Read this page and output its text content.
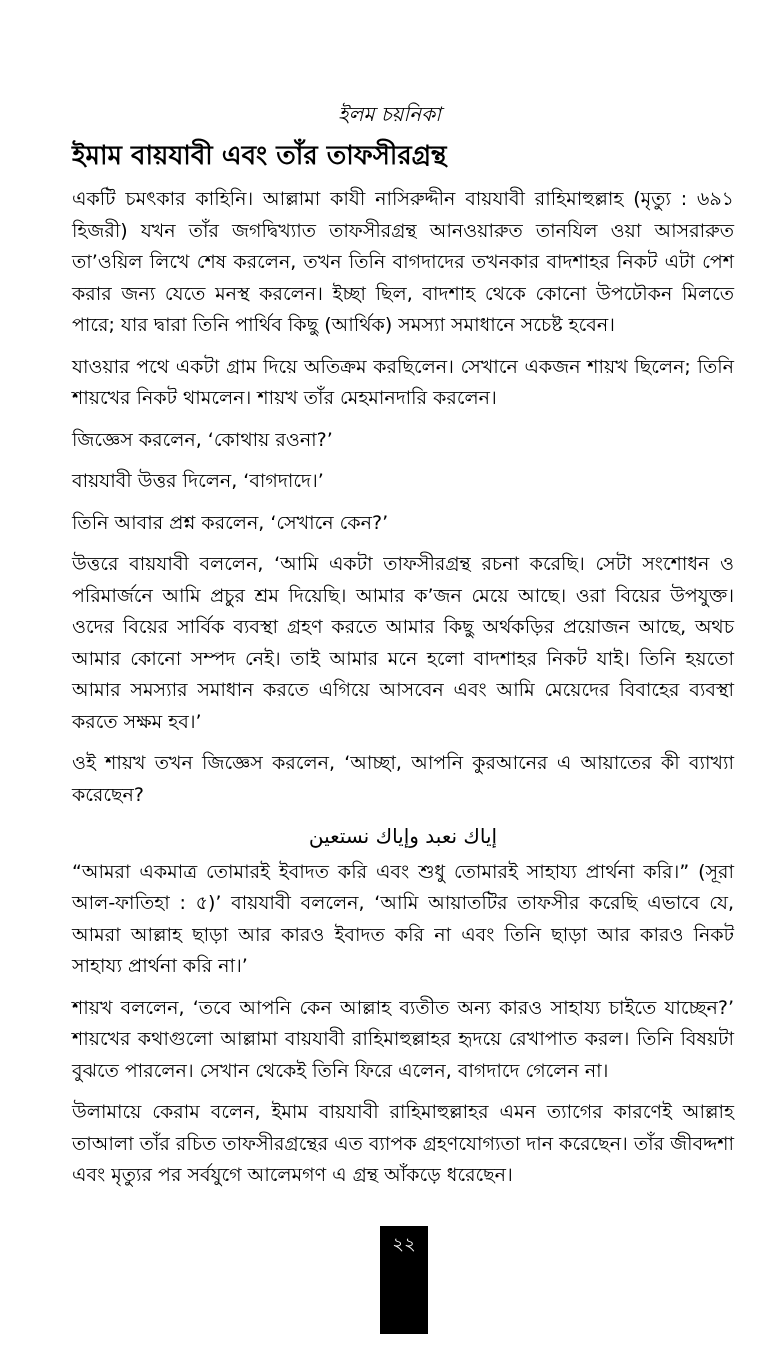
ইলম চয়নিকা
ইমাম বায়যাবী এবং তাঁর তাফসীরগ্রন্থ

একটি চমৎকার কাহিনি। আল্লামা কাযী নাসিরুদ্দীন বায়যাবী রাহিমাহুল্লাহ (মৃত্যু : ৬৯১ হিজরী) যখন তাঁর জগদ্বিখ্যাত তাফসীরগ্রন্থ আনওয়ারুত তানযিল ওয়া আসরারুত তা’ওয়িল লিখে শেষ করলেন, তখন তিনি বাগদাদের তখনকার বাদশাহর নিকট এটা পেশ করার জন্য যেতে মনস্থ করলেন। ইচ্ছা ছিল, বাদশাহ থেকে কোনো উপঢৌকন মিলতে পারে; যার দ্বারা তিনি পার্থিব কিছু (আর্থিক) সমস্যা সমাধানে সচেষ্ট হবেন।

যাওয়ার পথে একটা গ্রাম দিয়ে অতিক্রম করছিলেন। সেখানে একজন শায়খ ছিলেন; তিনি শায়খের নিকট থামলেন। শায়খ তাঁর মেহমানদারি করলেন।

জিজ্ঞেস করলেন, ‘কোথায় রওনা?’

বায়যাবী উত্তর দিলেন, ‘বাগদাদে।’

তিনি আবার প্রশ্ন করলেন, ‘সেখানে কেন?’

উত্তরে বায়যাবী বললেন, ‘আমি একটা তাফসীরগ্রন্থ রচনা করেছি। সেটা সংশোধন ও পরিমার্জনে আমি প্রচুর শ্রম দিয়েছি। আমার ক’জন মেয়ে আছে। ওরা বিয়ের উপযুক্ত। ওদের বিয়ের সার্বিক ব্যবস্থা গ্রহণ করতে আমার কিছু অর্থকড়ির প্রয়োজন আছে, অথচ আমার কোনো সম্পদ নেই। তাই আমার মনে হলো বাদশাহর নিকট যাই। তিনি হয়তো আমার সমস্যার সমাধান করতে এগিয়ে আসবেন এবং আমি মেয়েদের বিবাহের ব্যবস্থা করতে সক্ষম হব।’

ওই শায়খ তখন জিজ্ঞেস করলেন, ‘আচ্ছা, আপনি কুরআনের এ আয়াতের কী ব্যাখ্যা করেছেন?

إياك نعبد وإياك نستعين

“আমরা একমাত্র তোমারই ইবাদত করি এবং শুধু তোমারই সাহায্য প্রার্থনা করি।” (সূরা আল-ফাতিহা : ৫)’ বায়যাবী বললেন, ‘আমি আয়াতটির তাফসীর করেছি এভাবে যে, আমরা আল্লাহ ছাড়া আর কারও ইবাদত করি না এবং তিনি ছাড়া আর কারও নিকট সাহায্য প্রার্থনা করি না।’

শায়খ বললেন, ‘তবে আপনি কেন আল্লাহ ব্যতীত অন্য কারও সাহায্য চাইতে যাচ্ছেন?’ শায়খের কথাগুলো আল্লামা বায়যাবী রাহিমাহুল্লাহর হৃদয়ে রেখাপাত করল। তিনি বিষয়টা বুঝতে পারলেন। সেখান থেকেই তিনি ফিরে এলেন, বাগদাদে গেলেন না।

উলামায়ে কেরাম বলেন, ইমাম বায়যাবী রাহিমাহুল্লাহর এমন ত্যাগের কারণেই আল্লাহ তাআলা তাঁর রচিত তাফসীরগ্রন্থের এত ব্যাপক গ্রহণযোগ্যতা দান করেছেন। তাঁর জীবদ্দশা এবং মৃত্যুর পর সর্বযুগে আলেমগণ এ গ্রন্থ আঁকড়ে ধরেছেন।

২২
